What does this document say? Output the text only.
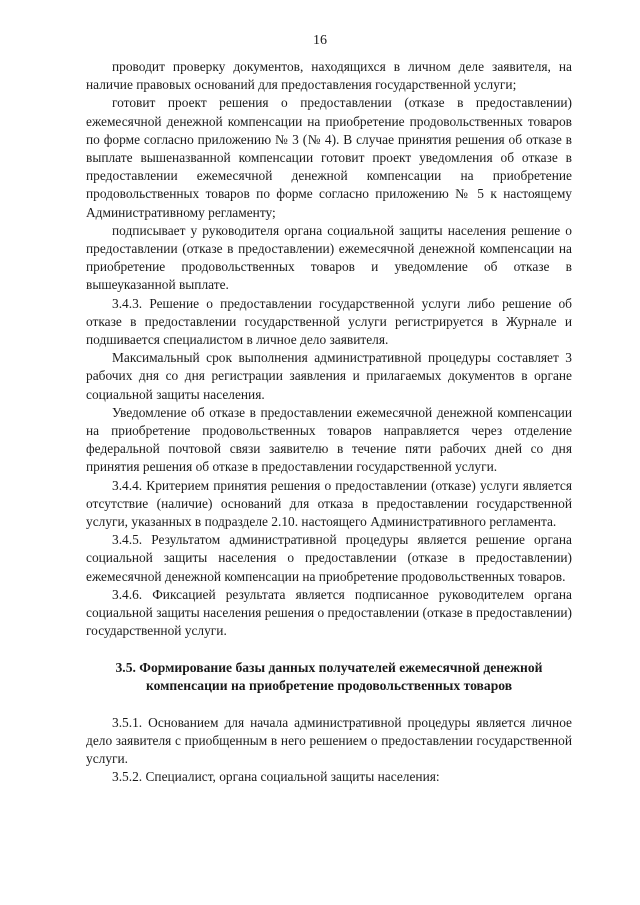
16

проводит проверку документов, находящихся в личном деле заявителя, на наличие правовых оснований для предоставления государственной услуги;

готовит проект решения о предоставлении (отказе в предоставлении) ежемесячной денежной компенсации на приобретение продовольственных товаров по форме согласно приложению № 3 (№ 4). В случае принятия решения об отказе в выплате вышеназванной компенсации готовит проект уведомления об отказе в предоставлении ежемесячной денежной компенсации на приобретение продовольственных товаров по форме согласно приложению № 5 к настоящему Административному регламенту;

подписывает у руководителя органа социальной защиты населения решение о предоставлении (отказе в предоставлении) ежемесячной денежной компенсации на приобретение продовольственных товаров и уведомление об отказе в вышеуказанной выплате.

3.4.3. Решение о предоставлении государственной услуги либо решение об отказе в предоставлении государственной услуги регистрируется в Журнале и подшивается специалистом в личное дело заявителя.

Максимальный срок выполнения административной процедуры составляет 3 рабочих дня со дня регистрации заявления и прилагаемых документов в органе социальной защиты населения.

Уведомление об отказе в предоставлении ежемесячной денежной компенсации на приобретение продовольственных товаров направляется через отделение федеральной почтовой связи заявителю в течение пяти рабочих дней со дня принятия решения об отказе в предоставлении государственной услуги.

3.4.4. Критерием принятия решения о предоставлении (отказе) услуги является отсутствие (наличие) оснований для отказа в предоставлении государственной услуги, указанных в подразделе 2.10. настоящего Административного регламента.

3.4.5. Результатом административной процедуры является решение органа социальной защиты населения о предоставлении (отказе в предоставлении) ежемесячной денежной компенсации на приобретение продовольственных товаров.

3.4.6. Фиксацией результата является подписанное руководителем органа социальной защиты населения решения о предоставлении (отказе в предоставлении) государственной услуги.

3.5. Формирование базы данных получателей ежемесячной денежной компенсации на приобретение продовольственных товаров

3.5.1. Основанием для начала административной процедуры является личное дело заявителя с приобщенным в него решением о предоставлении государственной услуги.

3.5.2. Специалист, органа социальной защиты населения:
